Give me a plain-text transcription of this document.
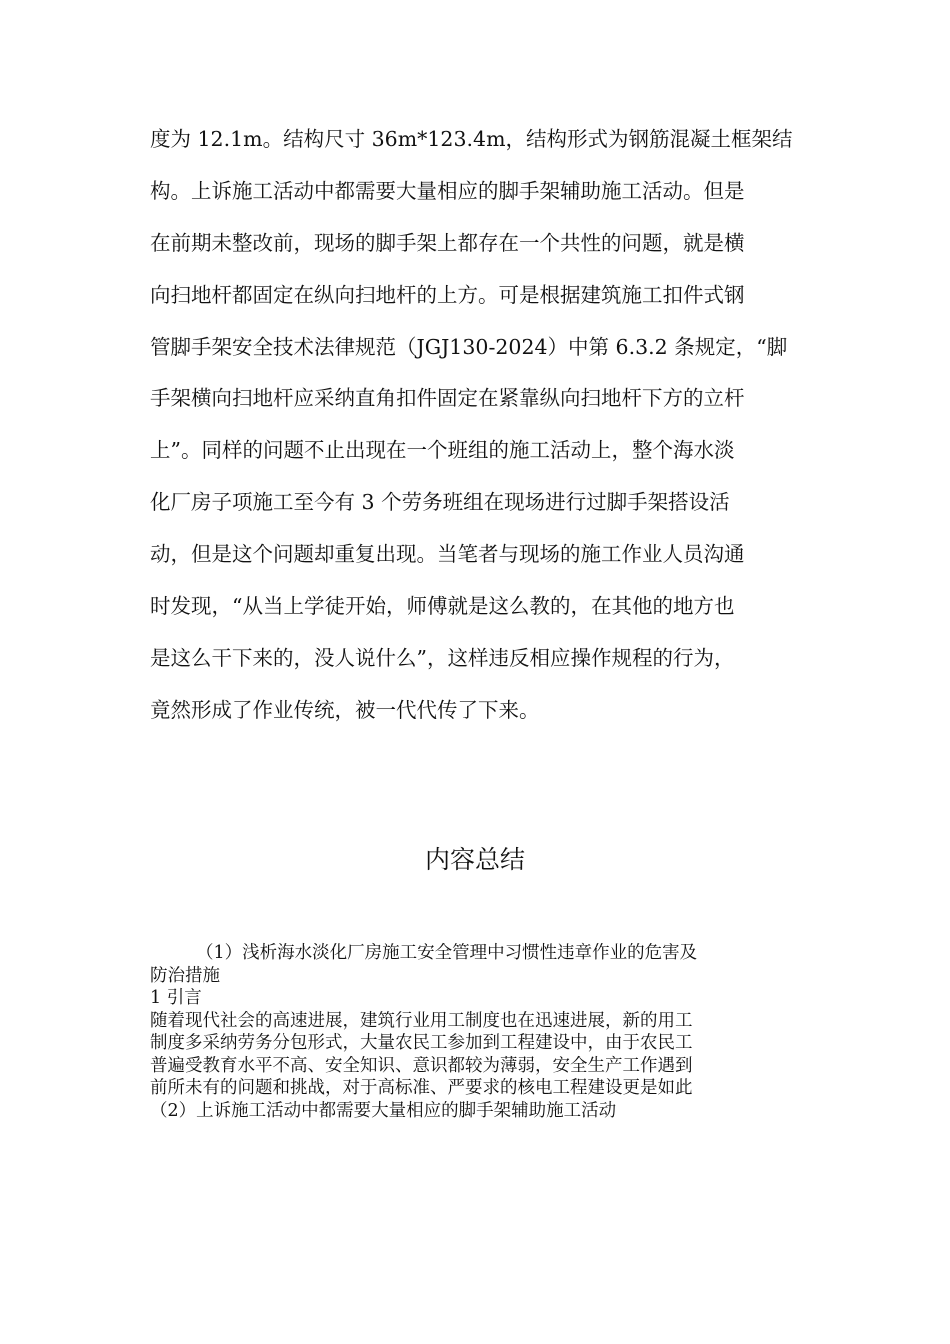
度为 12.1m。结构尺寸 36m*123.4m，结构形式为钢筋混凝土框架结
构。上诉施工活动中都需要大量相应的脚手架辅助施工活动。但是
在前期未整改前，现场的脚手架上都存在一个共性的问题，就是横
向扫地杆都固定在纵向扫地杆的上方。可是根据建筑施工扣件式钢
管脚手架安全技术法律规范（JGJ130-2024）中第 6.3.2 条规定，“脚
手架横向扫地杆应采纳直角扣件固定在紧靠纵向扫地杆下方的立杆
上”。同样的问题不止出现在一个班组的施工活动上，整个海水淡
化厂房子项施工至今有 3 个劳务班组在现场进行过脚手架搭设活
动，但是这个问题却重复出现。当笔者与现场的施工作业人员沟通
时发现，“从当上学徒开始，师傅就是这么教的，在其他的地方也
是这么干下来的，没人说什么”，这样违反相应操作规程的行为，
竟然形成了作业传统，被一代代传了下来。
内容总结
（1）浅析海水淡化厂房施工安全管理中习惯性违章作业的危害及
防治措施
1 引言
随着现代社会的高速进展，建筑行业用工制度也在迅速进展，新的用工
制度多采纳劳务分包形式，大量农民工参加到工程建设中，由于农民工
普遍受教育水平不高、安全知识、意识都较为薄弱，安全生产工作遇到
前所未有的问题和挑战，对于高标准、严要求的核电工程建设更是如此
（2）上诉施工活动中都需要大量相应的脚手架辅助施工活动
